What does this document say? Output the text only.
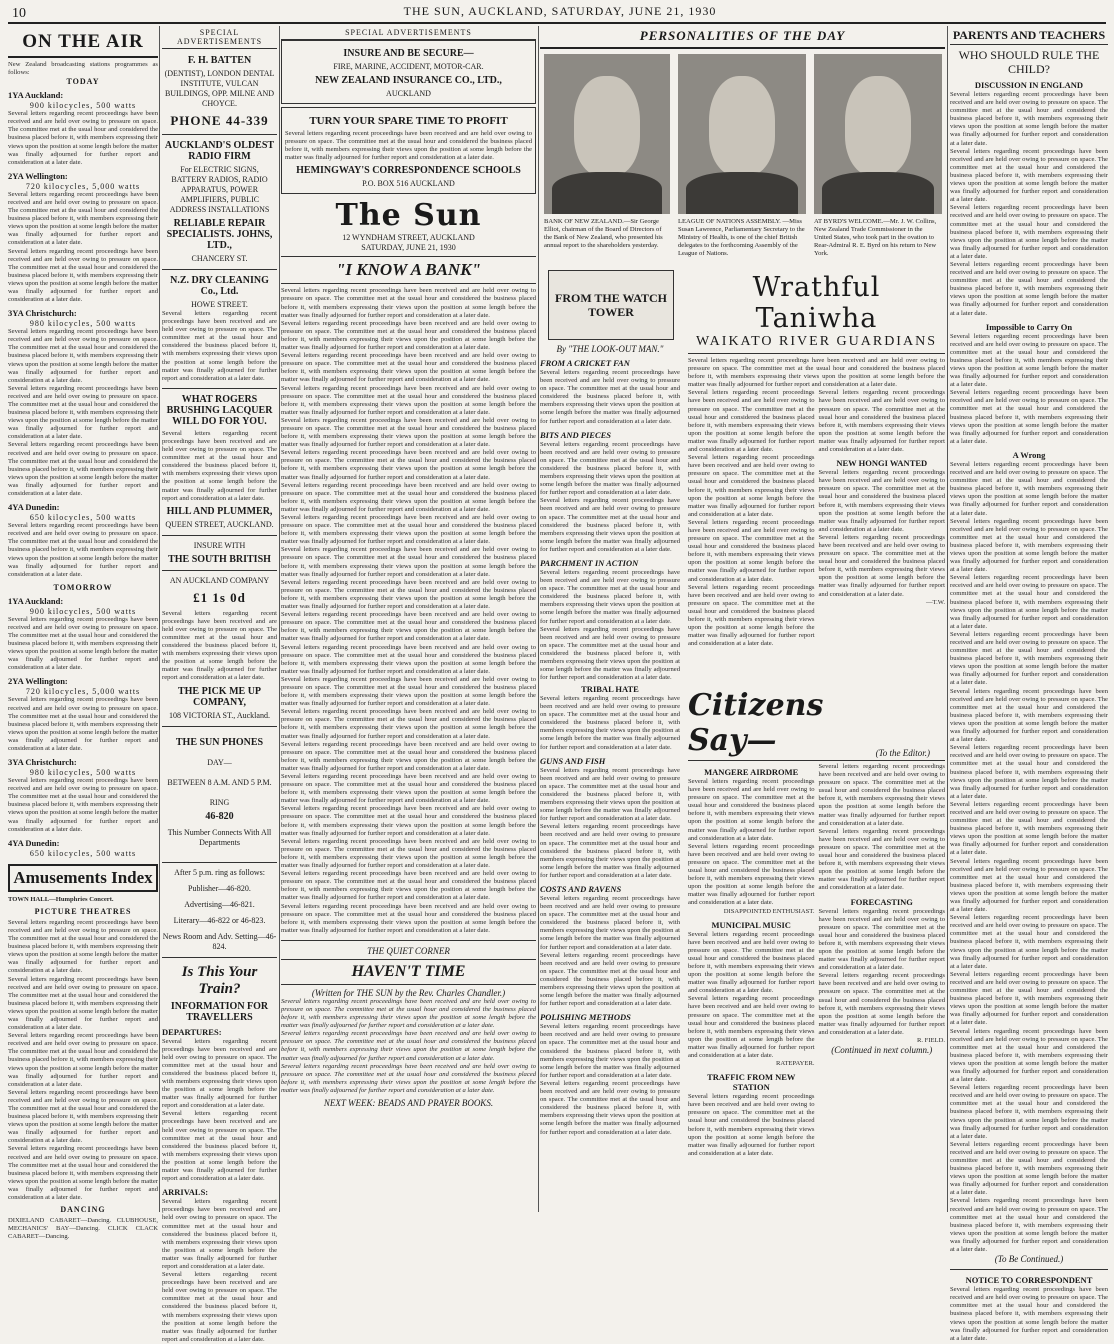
10	THE SUN, AUCKLAND, SATURDAY, JUNE 21, 1930
ON THE AIR
New Zealand broadcasting stations programmes as follows:
TODAY
1YA Auckland:
900 kilocycles, 500 watts
Several letters regarding recent proceedings have been received and are held over owing to pressure on space. The committee met at the usual hour and considered the business placed before it, with members expressing their views upon the position at some length before the matter was finally adjourned for further report and consideration at a later date.
2YA Wellington:
720 kilocycles, 5,000 watts
Several letters regarding recent proceedings have been received and are held over owing to pressure on space. The committee met at the usual hour and considered the business placed before it, with members expressing their views upon the position at some length before the matter was finally adjourned for further report and consideration at a later date.
Several letters regarding recent proceedings have been received and are held over owing to pressure on space. The committee met at the usual hour and considered the business placed before it, with members expressing their views upon the position at some length before the matter was finally adjourned for further report and consideration at a later date.
3YA Christchurch:
980 kilocycles, 500 watts
Several letters regarding recent proceedings have been received and are held over owing to pressure on space. The committee met at the usual hour and considered the business placed before it, with members expressing their views upon the position at some length before the matter was finally adjourned for further report and consideration at a later date.
Several letters regarding recent proceedings have been received and are held over owing to pressure on space. The committee met at the usual hour and considered the business placed before it, with members expressing their views upon the position at some length before the matter was finally adjourned for further report and consideration at a later date.
Several letters regarding recent proceedings have been received and are held over owing to pressure on space. The committee met at the usual hour and considered the business placed before it, with members expressing their views upon the position at some length before the matter was finally adjourned for further report and consideration at a later date.
4YA Dunedin:
650 kilocycles, 500 watts
Several letters regarding recent proceedings have been received and are held over owing to pressure on space. The committee met at the usual hour and considered the business placed before it, with members expressing their views upon the position at some length before the matter was finally adjourned for further report and consideration at a later date.
TOMORROW
1YA Auckland:
900 kilocycles, 500 watts
Several letters regarding recent proceedings have been received and are held over owing to pressure on space. The committee met at the usual hour and considered the business placed before it, with members expressing their views upon the position at some length before the matter was finally adjourned for further report and consideration at a later date.
2YA Wellington:
720 kilocycles, 5,000 watts
Several letters regarding recent proceedings have been received and are held over owing to pressure on space. The committee met at the usual hour and considered the business placed before it, with members expressing their views upon the position at some length before the matter was finally adjourned for further report and consideration at a later date.
3YA Christchurch:
980 kilocycles, 500 watts
Several letters regarding recent proceedings have been received and are held over owing to pressure on space. The committee met at the usual hour and considered the business placed before it, with members expressing their views upon the position at some length before the matter was finally adjourned for further report and consideration at a later date.
4YA Dunedin:
650 kilocycles, 500 watts
Amusements Index
TOWN HALL—Humphries Concert.
PICTURE THEATRES
Several letters regarding recent proceedings have been received and are held over owing to pressure on space. The committee met at the usual hour and considered the business placed before it, with members expressing their views upon the position at some length before the matter was finally adjourned for further report and consideration at a later date.
Several letters regarding recent proceedings have been received and are held over owing to pressure on space. The committee met at the usual hour and considered the business placed before it, with members expressing their views upon the position at some length before the matter was finally adjourned for further report and consideration at a later date.
Several letters regarding recent proceedings have been received and are held over owing to pressure on space. The committee met at the usual hour and considered the business placed before it, with members expressing their views upon the position at some length before the matter was finally adjourned for further report and consideration at a later date.
Several letters regarding recent proceedings have been received and are held over owing to pressure on space. The committee met at the usual hour and considered the business placed before it, with members expressing their views upon the position at some length before the matter was finally adjourned for further report and consideration at a later date.
Several letters regarding recent proceedings have been received and are held over owing to pressure on space. The committee met at the usual hour and considered the business placed before it, with members expressing their views upon the position at some length before the matter was finally adjourned for further report and consideration at a later date.
DANCING
DIXIELAND CABARET—Dancing. CLUBHOUSE, MECHANICS' BAY—Dancing. CLICK CLACK CABARET—Dancing.
SPECIAL ADVERTISEMENTS
F. H. BATTEN
(DENTIST), LONDON DENTAL INSTITUTE, VULCAN BUILDINGS, OPP. MILNE AND CHOYCE.
PHONE 44-339
AUCKLAND'S OLDEST RADIO FIRM
For ELECTRIC SIGNS, BATTERY RADIOS, RADIO APPARATUS, POWER AMPLIFIERS, PUBLIC ADDRESS INSTALLATIONS
RELIABLE REPAIR SPECIALISTS. JOHNS, LTD.,
CHANCERY ST.
N.Z. DRY CLEANING Co., Ltd.
HOWE STREET.
Several letters regarding recent proceedings have been received and are held over owing to pressure on space. The committee met at the usual hour and considered the business placed before it, with members expressing their views upon the position at some length before the matter was finally adjourned for further report and consideration at a later date.
WHAT ROGERS BRUSHING LACQUER WILL DO FOR YOU.
Several letters regarding recent proceedings have been received and are held over owing to pressure on space. The committee met at the usual hour and considered the business placed before it, with members expressing their views upon the position at some length before the matter was finally adjourned for further report and consideration at a later date.
HILL AND PLUMMER,
QUEEN STREET, AUCKLAND.
INSURE WITH
THE SOUTH BRITISH
AN AUCKLAND COMPANY
£1 1s 0d
Several letters regarding recent proceedings have been received and are held over owing to pressure on space. The committee met at the usual hour and considered the business placed before it, with members expressing their views upon the position at some length before the matter was finally adjourned for further report and consideration at a later date.
THE PICK ME UP COMPANY,
108 VICTORIA ST., Auckland.
THE SUN PHONES
DAY—
BETWEEN 8 A.M. AND 5 P.M.
RING
46-820
This Number Connects With All Departments
After 5 p.m. ring as follows:
Publisher—46-820.
Advertising—46-821.
Literary—46-822 or 46-823.
News Room and Adv. Setting—46-824.
Is This Your Train?
INFORMATION FOR TRAVELLERS
DEPARTURES:
Several letters regarding recent proceedings have been received and are held over owing to pressure on space. The committee met at the usual hour and considered the business placed before it, with members expressing their views upon the position at some length before the matter was finally adjourned for further report and consideration at a later date.
Several letters regarding recent proceedings have been received and are held over owing to pressure on space. The committee met at the usual hour and considered the business placed before it, with members expressing their views upon the position at some length before the matter was finally adjourned for further report and consideration at a later date.
ARRIVALS:
Several letters regarding recent proceedings have been received and are held over owing to pressure on space. The committee met at the usual hour and considered the business placed before it, with members expressing their views upon the position at some length before the matter was finally adjourned for further report and consideration at a later date.
Several letters regarding recent proceedings have been received and are held over owing to pressure on space. The committee met at the usual hour and considered the business placed before it, with members expressing their views upon the position at some length before the matter was finally adjourned for further report and consideration at a later date.
SPECIAL ADVERTISEMENTS
INSURE AND BE SECURE—
FIRE, MARINE, ACCIDENT, MOTOR-CAR.
NEW ZEALAND INSURANCE CO., LTD.,
AUCKLAND
TURN YOUR SPARE TIME TO PROFIT
Several letters regarding recent proceedings have been received and are held over owing to pressure on space. The committee met at the usual hour and considered the business placed before it, with members expressing their views upon the position at some length before the matter was finally adjourned for further report and consideration at a later date.
HEMINGWAY'S CORRESPONDENCE SCHOOLS
P.O. BOX 516 AUCKLAND
The Sun
12 WYNDHAM STREET, AUCKLAND
SATURDAY, JUNE 21, 1930
"I KNOW A BANK"
Several letters regarding recent proceedings have been received and are held over owing to pressure on space. The committee met at the usual hour and considered the business placed before it, with members expressing their views upon the position at some length before the matter was finally adjourned for further report and consideration at a later date.
Several letters regarding recent proceedings have been received and are held over owing to pressure on space. The committee met at the usual hour and considered the business placed before it, with members expressing their views upon the position at some length before the matter was finally adjourned for further report and consideration at a later date.
Several letters regarding recent proceedings have been received and are held over owing to pressure on space. The committee met at the usual hour and considered the business placed before it, with members expressing their views upon the position at some length before the matter was finally adjourned for further report and consideration at a later date.
Several letters regarding recent proceedings have been received and are held over owing to pressure on space. The committee met at the usual hour and considered the business placed before it, with members expressing their views upon the position at some length before the matter was finally adjourned for further report and consideration at a later date.
Several letters regarding recent proceedings have been received and are held over owing to pressure on space. The committee met at the usual hour and considered the business placed before it, with members expressing their views upon the position at some length before the matter was finally adjourned for further report and consideration at a later date.
Several letters regarding recent proceedings have been received and are held over owing to pressure on space. The committee met at the usual hour and considered the business placed before it, with members expressing their views upon the position at some length before the matter was finally adjourned for further report and consideration at a later date.
Several letters regarding recent proceedings have been received and are held over owing to pressure on space. The committee met at the usual hour and considered the business placed before it, with members expressing their views upon the position at some length before the matter was finally adjourned for further report and consideration at a later date.
Several letters regarding recent proceedings have been received and are held over owing to pressure on space. The committee met at the usual hour and considered the business placed before it, with members expressing their views upon the position at some length before the matter was finally adjourned for further report and consideration at a later date.
Several letters regarding recent proceedings have been received and are held over owing to pressure on space. The committee met at the usual hour and considered the business placed before it, with members expressing their views upon the position at some length before the matter was finally adjourned for further report and consideration at a later date.
Several letters regarding recent proceedings have been received and are held over owing to pressure on space. The committee met at the usual hour and considered the business placed before it, with members expressing their views upon the position at some length before the matter was finally adjourned for further report and consideration at a later date.
Several letters regarding recent proceedings have been received and are held over owing to pressure on space. The committee met at the usual hour and considered the business placed before it, with members expressing their views upon the position at some length before the matter was finally adjourned for further report and consideration at a later date.
Several letters regarding recent proceedings have been received and are held over owing to pressure on space. The committee met at the usual hour and considered the business placed before it, with members expressing their views upon the position at some length before the matter was finally adjourned for further report and consideration at a later date.
Several letters regarding recent proceedings have been received and are held over owing to pressure on space. The committee met at the usual hour and considered the business placed before it, with members expressing their views upon the position at some length before the matter was finally adjourned for further report and consideration at a later date.
Several letters regarding recent proceedings have been received and are held over owing to pressure on space. The committee met at the usual hour and considered the business placed before it, with members expressing their views upon the position at some length before the matter was finally adjourned for further report and consideration at a later date.
Several letters regarding recent proceedings have been received and are held over owing to pressure on space. The committee met at the usual hour and considered the business placed before it, with members expressing their views upon the position at some length before the matter was finally adjourned for further report and consideration at a later date.
Several letters regarding recent proceedings have been received and are held over owing to pressure on space. The committee met at the usual hour and considered the business placed before it, with members expressing their views upon the position at some length before the matter was finally adjourned for further report and consideration at a later date.
Several letters regarding recent proceedings have been received and are held over owing to pressure on space. The committee met at the usual hour and considered the business placed before it, with members expressing their views upon the position at some length before the matter was finally adjourned for further report and consideration at a later date.
Several letters regarding recent proceedings have been received and are held over owing to pressure on space. The committee met at the usual hour and considered the business placed before it, with members expressing their views upon the position at some length before the matter was finally adjourned for further report and consideration at a later date.
Several letters regarding recent proceedings have been received and are held over owing to pressure on space. The committee met at the usual hour and considered the business placed before it, with members expressing their views upon the position at some length before the matter was finally adjourned for further report and consideration at a later date.
Several letters regarding recent proceedings have been received and are held over owing to pressure on space. The committee met at the usual hour and considered the business placed before it, with members expressing their views upon the position at some length before the matter was finally adjourned for further report and consideration at a later date.
THE QUIET CORNER
HAVEN'T TIME
(Written for THE SUN by the Rev. Charles Chandler.)
Several letters regarding recent proceedings have been received and are held over owing to pressure on space. The committee met at the usual hour and considered the business placed before it, with members expressing their views upon the position at some length before the matter was finally adjourned for further report and consideration at a later date.
Several letters regarding recent proceedings have been received and are held over owing to pressure on space. The committee met at the usual hour and considered the business placed before it, with members expressing their views upon the position at some length before the matter was finally adjourned for further report and consideration at a later date.
Several letters regarding recent proceedings have been received and are held over owing to pressure on space. The committee met at the usual hour and considered the business placed before it, with members expressing their views upon the position at some length before the matter was finally adjourned for further report and consideration at a later date.
NEXT WEEK: BEADS AND PRAYER BOOKS.
PERSONALITIES OF THE DAY
BANK OF NEW ZEALAND.—Sir George Elliot, chairman of the Board of Directors of the Bank of New Zealand, who presented his annual report to the shareholders yesterday.
LEAGUE OF NATIONS ASSEMBLY. —Miss Susan Lawrence, Parliamentary Secretary to the Ministry of Health, is one of the chief British delegates to the forthcoming Assembly of the League of Nations.
AT BYRD'S WELCOME.—Mr. J. W. Collins, New Zealand Trade Commissioner in the United States, who took part in the ovation to Rear-Admiral R. E. Byrd on his return to New York.
FROM THE WATCH TOWER
By "THE LOOK-OUT MAN."
FROM A CRICKET FAN
Several letters regarding recent proceedings have been received and are held over owing to pressure on space. The committee met at the usual hour and considered the business placed before it, with members expressing their views upon the position at some length before the matter was finally adjourned for further report and consideration at a later date.
BITS AND PIECES
Several letters regarding recent proceedings have been received and are held over owing to pressure on space. The committee met at the usual hour and considered the business placed before it, with members expressing their views upon the position at some length before the matter was finally adjourned for further report and consideration at a later date.
Several letters regarding recent proceedings have been received and are held over owing to pressure on space. The committee met at the usual hour and considered the business placed before it, with members expressing their views upon the position at some length before the matter was finally adjourned for further report and consideration at a later date.
PARCHMENT IN ACTION
Several letters regarding recent proceedings have been received and are held over owing to pressure on space. The committee met at the usual hour and considered the business placed before it, with members expressing their views upon the position at some length before the matter was finally adjourned for further report and consideration at a later date.
Several letters regarding recent proceedings have been received and are held over owing to pressure on space. The committee met at the usual hour and considered the business placed before it, with members expressing their views upon the position at some length before the matter was finally adjourned for further report and consideration at a later date.
Wrathful Taniwha
WAIKATO RIVER GUARDIANS
Several letters regarding recent proceedings have been received and are held over owing to pressure on space. The committee met at the usual hour and considered the business placed before it, with members expressing their views upon the position at some length before the matter was finally adjourned for further report and consideration at a later date.
Several letters regarding recent proceedings have been received and are held over owing to pressure on space. The committee met at the usual hour and considered the business placed before it, with members expressing their views upon the position at some length before the matter was finally adjourned for further report and consideration at a later date.
Several letters regarding recent proceedings have been received and are held over owing to pressure on space. The committee met at the usual hour and considered the business placed before it, with members expressing their views upon the position at some length before the matter was finally adjourned for further report and consideration at a later date.
Several letters regarding recent proceedings have been received and are held over owing to pressure on space. The committee met at the usual hour and considered the business placed before it, with members expressing their views upon the position at some length before the matter was finally adjourned for further report and consideration at a later date.
Several letters regarding recent proceedings have been received and are held over owing to pressure on space. The committee met at the usual hour and considered the business placed before it, with members expressing their views upon the position at some length before the matter was finally adjourned for further report and consideration at a later date.
Several letters regarding recent proceedings have been received and are held over owing to pressure on space. The committee met at the usual hour and considered the business placed before it, with members expressing their views upon the position at some length before the matter was finally adjourned for further report and consideration at a later date.
NEW HONGI WANTED
Several letters regarding recent proceedings have been received and are held over owing to pressure on space. The committee met at the usual hour and considered the business placed before it, with members expressing their views upon the position at some length before the matter was finally adjourned for further report and consideration at a later date.
Several letters regarding recent proceedings have been received and are held over owing to pressure on space. The committee met at the usual hour and considered the business placed before it, with members expressing their views upon the position at some length before the matter was finally adjourned for further report and consideration at a later date.
—T.W.
TRIBAL HATE
Several letters regarding recent proceedings have been received and are held over owing to pressure on space. The committee met at the usual hour and considered the business placed before it, with members expressing their views upon the position at some length before the matter was finally adjourned for further report and consideration at a later date.
GUNS AND FISH
Several letters regarding recent proceedings have been received and are held over owing to pressure on space. The committee met at the usual hour and considered the business placed before it, with members expressing their views upon the position at some length before the matter was finally adjourned for further report and consideration at a later date.
Several letters regarding recent proceedings have been received and are held over owing to pressure on space. The committee met at the usual hour and considered the business placed before it, with members expressing their views upon the position at some length before the matter was finally adjourned for further report and consideration at a later date.
COSTS AND RAVENS
Several letters regarding recent proceedings have been received and are held over owing to pressure on space. The committee met at the usual hour and considered the business placed before it, with members expressing their views upon the position at some length before the matter was finally adjourned for further report and consideration at a later date.
Several letters regarding recent proceedings have been received and are held over owing to pressure on space. The committee met at the usual hour and considered the business placed before it, with members expressing their views upon the position at some length before the matter was finally adjourned for further report and consideration at a later date.
POLISHING METHODS
Several letters regarding recent proceedings have been received and are held over owing to pressure on space. The committee met at the usual hour and considered the business placed before it, with members expressing their views upon the position at some length before the matter was finally adjourned for further report and consideration at a later date.
Several letters regarding recent proceedings have been received and are held over owing to pressure on space. The committee met at the usual hour and considered the business placed before it, with members expressing their views upon the position at some length before the matter was finally adjourned for further report and consideration at a later date.
Citizens Say—	(To the Editor.)
MANGERE AIRDROME
Several letters regarding recent proceedings have been received and are held over owing to pressure on space. The committee met at the usual hour and considered the business placed before it, with members expressing their views upon the position at some length before the matter was finally adjourned for further report and consideration at a later date.
Several letters regarding recent proceedings have been received and are held over owing to pressure on space. The committee met at the usual hour and considered the business placed before it, with members expressing their views upon the position at some length before the matter was finally adjourned for further report and consideration at a later date.
DISAPPOINTED ENTHUSIAST.
MUNICIPAL MUSIC
Several letters regarding recent proceedings have been received and are held over owing to pressure on space. The committee met at the usual hour and considered the business placed before it, with members expressing their views upon the position at some length before the matter was finally adjourned for further report and consideration at a later date.
Several letters regarding recent proceedings have been received and are held over owing to pressure on space. The committee met at the usual hour and considered the business placed before it, with members expressing their views upon the position at some length before the matter was finally adjourned for further report and consideration at a later date.
RATEPAYER.
TRAFFIC FROM NEW STATION
Several letters regarding recent proceedings have been received and are held over owing to pressure on space. The committee met at the usual hour and considered the business placed before it, with members expressing their views upon the position at some length before the matter was finally adjourned for further report and consideration at a later date.
Several letters regarding recent proceedings have been received and are held over owing to pressure on space. The committee met at the usual hour and considered the business placed before it, with members expressing their views upon the position at some length before the matter was finally adjourned for further report and consideration at a later date.
Several letters regarding recent proceedings have been received and are held over owing to pressure on space. The committee met at the usual hour and considered the business placed before it, with members expressing their views upon the position at some length before the matter was finally adjourned for further report and consideration at a later date.
FORECASTING
Several letters regarding recent proceedings have been received and are held over owing to pressure on space. The committee met at the usual hour and considered the business placed before it, with members expressing their views upon the position at some length before the matter was finally adjourned for further report and consideration at a later date.
Several letters regarding recent proceedings have been received and are held over owing to pressure on space. The committee met at the usual hour and considered the business placed before it, with members expressing their views upon the position at some length before the matter was finally adjourned for further report and consideration at a later date.
R. FIELD.
(Continued in next column.)
PARENTS AND TEACHERS
WHO SHOULD RULE THE CHILD?
DISCUSSION IN ENGLAND
Several letters regarding recent proceedings have been received and are held over owing to pressure on space. The committee met at the usual hour and considered the business placed before it, with members expressing their views upon the position at some length before the matter was finally adjourned for further report and consideration at a later date.
Several letters regarding recent proceedings have been received and are held over owing to pressure on space. The committee met at the usual hour and considered the business placed before it, with members expressing their views upon the position at some length before the matter was finally adjourned for further report and consideration at a later date.
Several letters regarding recent proceedings have been received and are held over owing to pressure on space. The committee met at the usual hour and considered the business placed before it, with members expressing their views upon the position at some length before the matter was finally adjourned for further report and consideration at a later date.
Several letters regarding recent proceedings have been received and are held over owing to pressure on space. The committee met at the usual hour and considered the business placed before it, with members expressing their views upon the position at some length before the matter was finally adjourned for further report and consideration at a later date.
Impossible to Carry On
Several letters regarding recent proceedings have been received and are held over owing to pressure on space. The committee met at the usual hour and considered the business placed before it, with members expressing their views upon the position at some length before the matter was finally adjourned for further report and consideration at a later date.
Several letters regarding recent proceedings have been received and are held over owing to pressure on space. The committee met at the usual hour and considered the business placed before it, with members expressing their views upon the position at some length before the matter was finally adjourned for further report and consideration at a later date.
A Wrong
Several letters regarding recent proceedings have been received and are held over owing to pressure on space. The committee met at the usual hour and considered the business placed before it, with members expressing their views upon the position at some length before the matter was finally adjourned for further report and consideration at a later date.
Several letters regarding recent proceedings have been received and are held over owing to pressure on space. The committee met at the usual hour and considered the business placed before it, with members expressing their views upon the position at some length before the matter was finally adjourned for further report and consideration at a later date.
Several letters regarding recent proceedings have been received and are held over owing to pressure on space. The committee met at the usual hour and considered the business placed before it, with members expressing their views upon the position at some length before the matter was finally adjourned for further report and consideration at a later date.
Several letters regarding recent proceedings have been received and are held over owing to pressure on space. The committee met at the usual hour and considered the business placed before it, with members expressing their views upon the position at some length before the matter was finally adjourned for further report and consideration at a later date.
Several letters regarding recent proceedings have been received and are held over owing to pressure on space. The committee met at the usual hour and considered the business placed before it, with members expressing their views upon the position at some length before the matter was finally adjourned for further report and consideration at a later date.
Several letters regarding recent proceedings have been received and are held over owing to pressure on space. The committee met at the usual hour and considered the business placed before it, with members expressing their views upon the position at some length before the matter was finally adjourned for further report and consideration at a later date.
Several letters regarding recent proceedings have been received and are held over owing to pressure on space. The committee met at the usual hour and considered the business placed before it, with members expressing their views upon the position at some length before the matter was finally adjourned for further report and consideration at a later date.
Several letters regarding recent proceedings have been received and are held over owing to pressure on space. The committee met at the usual hour and considered the business placed before it, with members expressing their views upon the position at some length before the matter was finally adjourned for further report and consideration at a later date.
Several letters regarding recent proceedings have been received and are held over owing to pressure on space. The committee met at the usual hour and considered the business placed before it, with members expressing their views upon the position at some length before the matter was finally adjourned for further report and consideration at a later date.
Several letters regarding recent proceedings have been received and are held over owing to pressure on space. The committee met at the usual hour and considered the business placed before it, with members expressing their views upon the position at some length before the matter was finally adjourned for further report and consideration at a later date.
Several letters regarding recent proceedings have been received and are held over owing to pressure on space. The committee met at the usual hour and considered the business placed before it, with members expressing their views upon the position at some length before the matter was finally adjourned for further report and consideration at a later date.
Several letters regarding recent proceedings have been received and are held over owing to pressure on space. The committee met at the usual hour and considered the business placed before it, with members expressing their views upon the position at some length before the matter was finally adjourned for further report and consideration at a later date.
Several letters regarding recent proceedings have been received and are held over owing to pressure on space. The committee met at the usual hour and considered the business placed before it, with members expressing their views upon the position at some length before the matter was finally adjourned for further report and consideration at a later date.
Several letters regarding recent proceedings have been received and are held over owing to pressure on space. The committee met at the usual hour and considered the business placed before it, with members expressing their views upon the position at some length before the matter was finally adjourned for further report and consideration at a later date.
(To Be Continued.)
NOTICE TO CORRESPONDENT
Several letters regarding recent proceedings have been received and are held over owing to pressure on space. The committee met at the usual hour and considered the business placed before it, with members expressing their views upon the position at some length before the matter was finally adjourned for further report and consideration at a later date.
